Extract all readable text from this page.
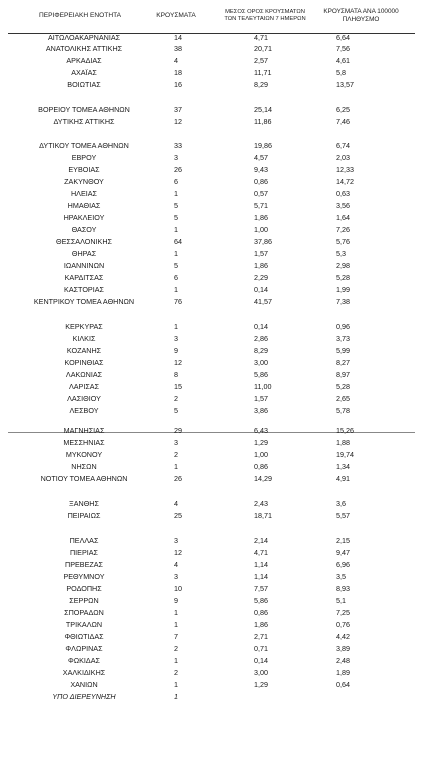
ΠΕΡΙΦΕΡΕΙΑΚΗ ΕΝΟΤΗΤΑ	ΚΡΟΥΣΜΑΤΑ	ΜΕΣΟΣ ΟΡΟΣ ΚΡΟΥΣΜΑΤΩΝ
ΤΩΝ ΤΕΛΕΥΤΑΙΩΝ 7 ΗΜΕΡΩΝ
ΚΡΟΥΣΜΑΤΑ ΑΝΑ 100000
ΠΛΗΘΥΣΜΟ
ΑΙΤΩΛΟΑΚΑΡΝΑΝΙΑΣ	14	4,71	6,64
ΑΝΑΤΟΛΙΚΗΣ ΑΤΤΙΚΗΣ	38	20,71	7,56
ΑΡΚΑΔΙΑΣ	4	2,57	4,61
ΑΧΑΪΑΣ	18	11,71	5,8
ΒΟΙΩΤΙΑΣ	16	8,29	13,57
ΒΟΡΕΙΟΥ ΤΟΜΕΑ ΑΘΗΝΩΝ	37	25,14	6,25
ΔΥΤΙΚΗΣ ΑΤΤΙΚΗΣ	12	11,86	7,46
ΔΥΤΙΚΟΥ ΤΟΜΕΑ ΑΘΗΝΩΝ	33	19,86	6,74
ΕΒΡΟΥ	3	4,57	2,03
ΕΥΒΟΙΑΣ	26	9,43	12,33
ΖΑΚΥΝΘΟΥ	6	0,86	14,72
ΗΛΕΙΑΣ	1	0,57	0,63
ΗΜΑΘΙΑΣ	5	5,71	3,56
ΗΡΑΚΛΕΙΟΥ	5	1,86	1,64
ΘΑΣΟΥ	1	1,00	7,26
ΘΕΣΣΑΛΟΝΙΚΗΣ	64	37,86	5,76
ΘΗΡΑΣ	1	1,57	5,3
ΙΩΑΝΝΙΝΩΝ	5	1,86	2,98
ΚΑΡΔΙΤΣΑΣ	6	2,29	5,28
ΚΑΣΤΟΡΙΑΣ	1	0,14	1,99
ΚΕΝΤΡΙΚΟΥ ΤΟΜΕΑ ΑΘΗΝΩΝ	76	41,57	7,38
ΚΕΡΚΥΡΑΣ	1	0,14	0,96
ΚΙΛΚΙΣ	3	2,86	3,73
ΚΟΖΑΝΗΣ	9	8,29	5,99
ΚΟΡΙΝΘΙΑΣ	12	3,00	8,27
ΛΑΚΩΝΙΑΣ	8	5,86	8,97
ΛΑΡΙΣΑΣ	15	11,00	5,28
ΛΑΣΙΘΙΟΥ	2	1,57	2,65
ΛΕΣΒΟΥ	5	3,86	5,78
ΜΑΓΝΗΣΙΑΣ	29	6,43	15,26
ΜΕΣΣΗΝΙΑΣ	3	1,29	1,88
ΜΥΚΟΝΟΥ	2	1,00	19,74
ΝΗΣΩΝ	1	0,86	1,34
ΝΟΤΙΟΥ ΤΟΜΕΑ ΑΘΗΝΩΝ	26	14,29	4,91
ΞΑΝΘΗΣ	4	2,43	3,6
ΠΕΙΡΑΙΩΣ	25	18,71	5,57
ΠΕΛΛΑΣ	3	2,14	2,15
ΠΙΕΡΙΑΣ	12	4,71	9,47
ΠΡΕΒΕΖΑΣ	4	1,14	6,96
ΡΕΘΥΜΝΟΥ	3	1,14	3,5
ΡΟΔΟΠΗΣ	10	7,57	8,93
ΣΕΡΡΩΝ	9	5,86	5,1
ΣΠΟΡΑΔΩΝ	1	0,86	7,25
ΤΡΙΚΑΛΩΝ	1	1,86	0,76
ΦΘΙΩΤΙΔΑΣ	7	2,71	4,42
ΦΛΩΡΙΝΑΣ	2	0,71	3,89
ΦΩΚΙΔΑΣ	1	0,14	2,48
ΧΑΛΚΙΔΙΚΗΣ	2	3,00	1,89
ΧΑΝΙΩΝ	1	1,29	0,64
ΥΠΟ ΔΙΕΡΕΥΝΗΣΗ	1
